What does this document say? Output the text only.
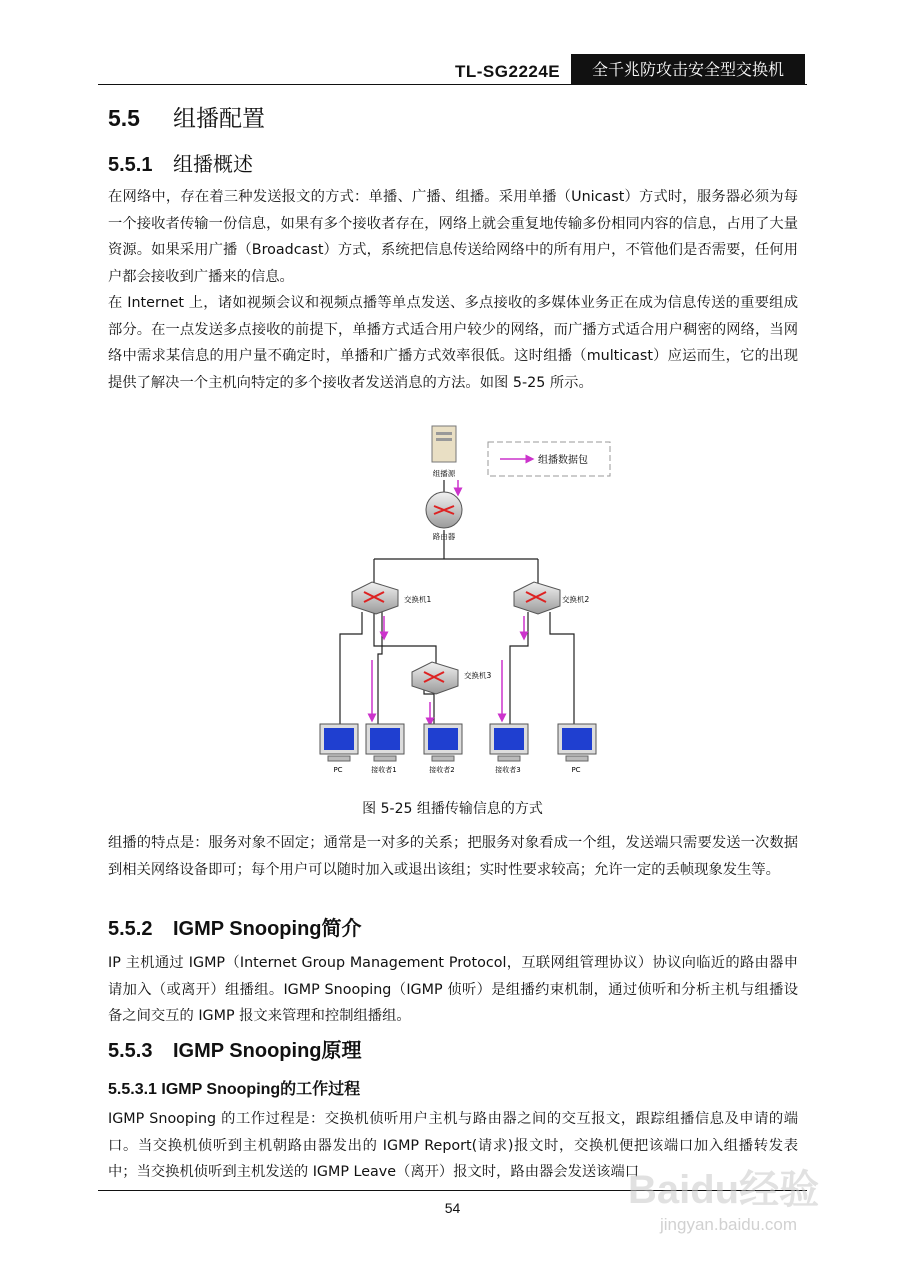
TL-SG2224E	全千兆防攻击安全型交换机
5.5 组播配置
5.5.1 组播概述
在网络中，存在着三种发送报文的方式：单播、广播、组播。采用单播（Unicast）方式时，服务器必须为每一个接收者传输一份信息，如果有多个接收者存在，网络上就会重复地传输多份相同内容的信息，占用了大量资源。如果采用广播（Broadcast）方式，系统把信息传送给网络中的所有用户，不管他们是否需要，任何用户都会接收到广播来的信息。
在 Internet 上，诸如视频会议和视频点播等单点发送、多点接收的多媒体业务正在成为信息传送的重要组成部分。在一点发送多点接收的前提下，单播方式适合用户较少的网络，而广播方式适合用户稠密的网络，当网络中需求某信息的用户量不确定时，单播和广播方式效率很低。这时组播（multicast）应运而生，它的出现提供了解决一个主机向特定的多个接收者发送消息的方法。如图 5-25 所示。
组播数据包
组播源
路由器
交换机1	交换机2
交换机3
PC	接收者1	接收者2	接收者3	PC
图 5-25 组播传输信息的方式
组播的特点是：服务对象不固定；通常是一对多的关系；把服务对象看成一个组，发送端只需要发送一次数据到相关网络设备即可；每个用户可以随时加入或退出该组；实时性要求较高；允许一定的丢帧现象发生等。
5.5.2 IGMP Snooping简介
IP 主机通过 IGMP（Internet Group Management Protocol，互联网组管理协议）协议向临近的路由器申请加入（或离开）组播组。IGMP Snooping（IGMP 侦听）是组播约束机制，通过侦听和分析主机与组播设备之间交互的 IGMP 报文来管理和控制组播组。
5.5.3 IGMP Snooping原理
5.5.3.1 IGMP Snooping的工作过程
IGMP Snooping 的工作过程是：交换机侦听用户主机与路由器之间的交互报文，跟踪组播信息及申请的端口。当交换机侦听到主机朝路由器发出的 IGMP Report(请求)报文时，交换机便把该端口加入组播转发表中；当交换机侦听到主机发送的 IGMP Leave（离开）报文时，路由器会发送该端口
54	Baidu经验
jingyan.baidu.com
